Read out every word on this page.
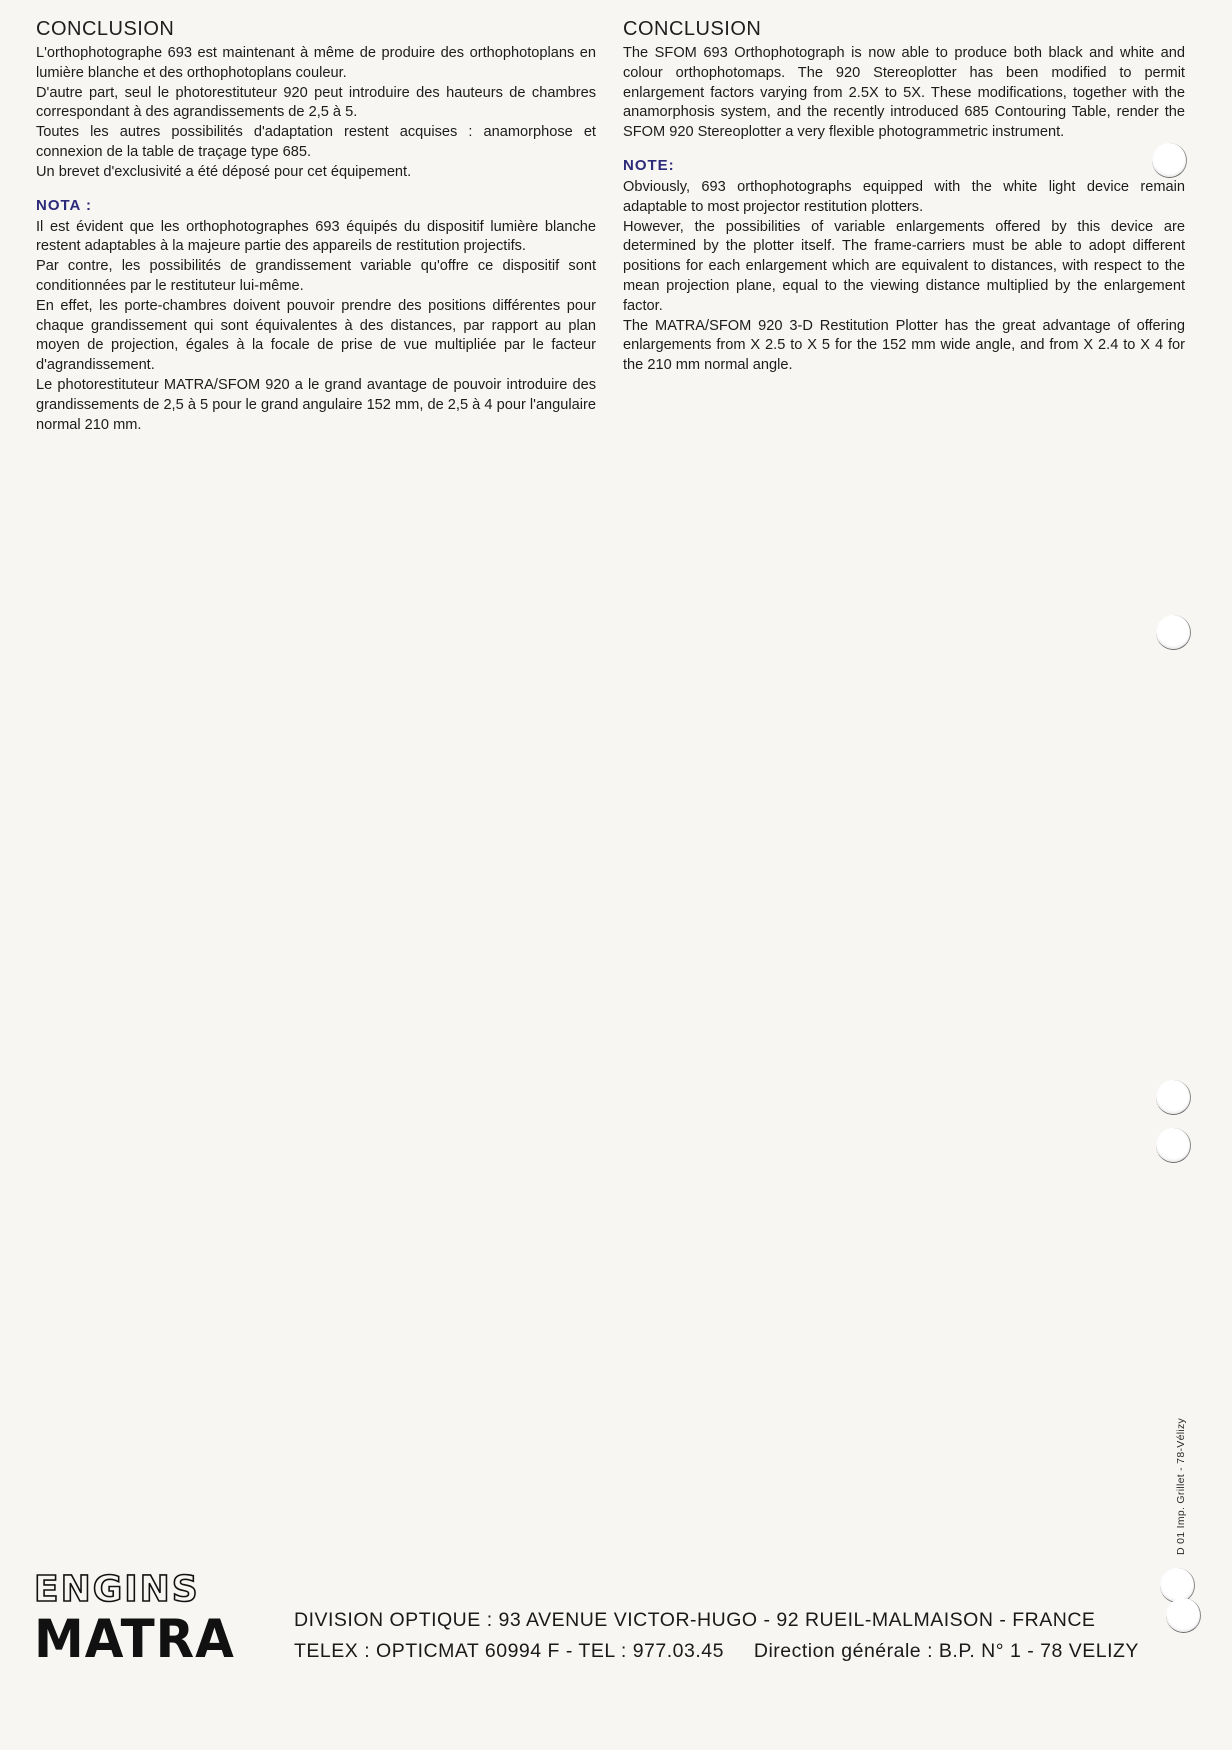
CONCLUSION

L'orthophotographe 693 est maintenant à même de produire des orthophotoplans en lumière blanche et des orthophotoplans couleur.

D'autre part, seul le photorestituteur 920 peut introduire des hauteurs de chambres correspondant à des agrandissements de 2,5 à 5.

Toutes les autres possibilités d'adaptation restent acquises : anamorphose et connexion de la table de traçage type 685.

Un brevet d'exclusivité a été déposé pour cet équipement.

NOTA :

Il est évident que les orthophotographes 693 équipés du dispositif lumière blanche restent adaptables à la majeure partie des appareils de restitution projectifs.

Par contre, les possibilités de grandissement variable qu'offre ce dispositif sont conditionnées par le restituteur lui-même.

En effet, les porte-chambres doivent pouvoir prendre des positions différentes pour chaque grandissement qui sont équivalentes à des distances, par rapport au plan moyen de projection, égales à la focale de prise de vue multipliée par le facteur d'agrandissement.

Le photorestituteur MATRA/SFOM 920 a le grand avantage de pouvoir introduire des grandissements de 2,5 à 5 pour le grand angulaire 152 mm, de 2,5 à 4 pour l'angulaire normal 210 mm.

CONCLUSION

The SFOM 693 Orthophotograph is now able to produce both black and white and colour orthophotomaps. The 920 Stereoplotter has been modified to permit enlargement factors varying from 2.5X to 5X. These modifications, together with the anamorphosis system, and the recently introduced 685 Contouring Table, render the SFOM 920 Stereoplotter a very flexible photogrammetric instrument.

NOTE:

Obviously, 693 orthophotographs equipped with the white light device remain adaptable to most projector restitution plotters.

However, the possibilities of variable enlargements offered by this device are determined by the plotter itself. The frame-carriers must be able to adopt different positions for each enlargement which are equivalent to distances, with respect to the mean projection plane, equal to the viewing distance multiplied by the enlargement factor.

The MATRA/SFOM 920 3-D Restitution Plotter has the great advantage of offering enlargements from X 2.5 to X 5 for the 152 mm wide angle, and from X 2.4 to X 4 for the 210 mm normal angle.

D 01 Imp. Grillet - 78-Vélizy
ENGINS
MATRA	DIVISION OPTIQUE : 93 AVENUE VICTOR-HUGO - 92 RUEIL-MALMAISON - FRANCE
TELEX : OPTICMAT 60994 F - TEL : 977.03.45 Direction générale : B.P. N° 1 - 78 VELIZY
